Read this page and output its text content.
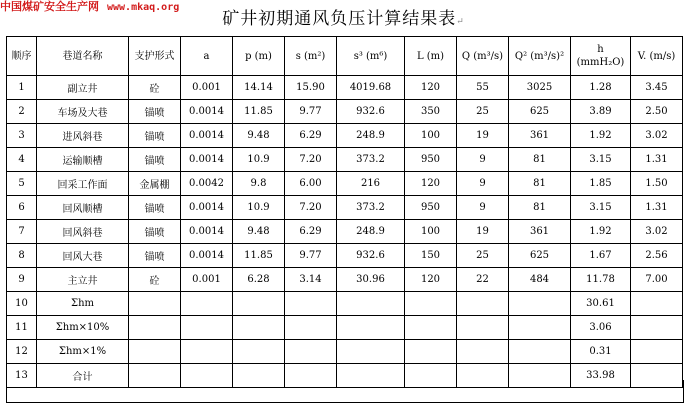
中国煤矿安全生产网 www.mkaq.org
矿井初期通风负压计算结果表↵
顺序	巷道名称	支护形式	a	p (m)	s (m²)	s³ (m⁶)	L (m)	Q (m³/s)	Q² (m³/s)²	h (mmH₂O)	V. (m/s)
1	副立井	砼	0.001	14.14	15.90	4019.68	120	55	3025	1.28	3.45
2	车场及大巷	锚喷	0.0014	11.85	9.77	932.6	350	25	625	3.89	2.50
3	进风斜巷	锚喷	0.0014	9.48	6.29	248.9	100	19	361	1.92	3.02
4	运输顺槽	锚喷	0.0014	10.9	7.20	373.2	950	9	81	3.15	1.31
5	回采工作面	金属棚	0.0042	9.8	6.00	216	120	9	81	1.85	1.50
6	回风顺槽	锚喷	0.0014	10.9	7.20	373.2	950	9	81	3.15	1.31
7	回风斜巷	锚喷	0.0014	9.48	6.29	248.9	100	19	361	1.92	3.02
8	回风大巷	锚喷	0.0014	11.85	9.77	932.6	150	25	625	1.67	2.56
9	主立井	砼	0.001	6.28	3.14	30.96	120	22	484	11.78	7.00
10	Σhm									30.61	
11	Σhm×10%									3.06	
12	Σhm×1%									0.31	
13	合计									33.98	
